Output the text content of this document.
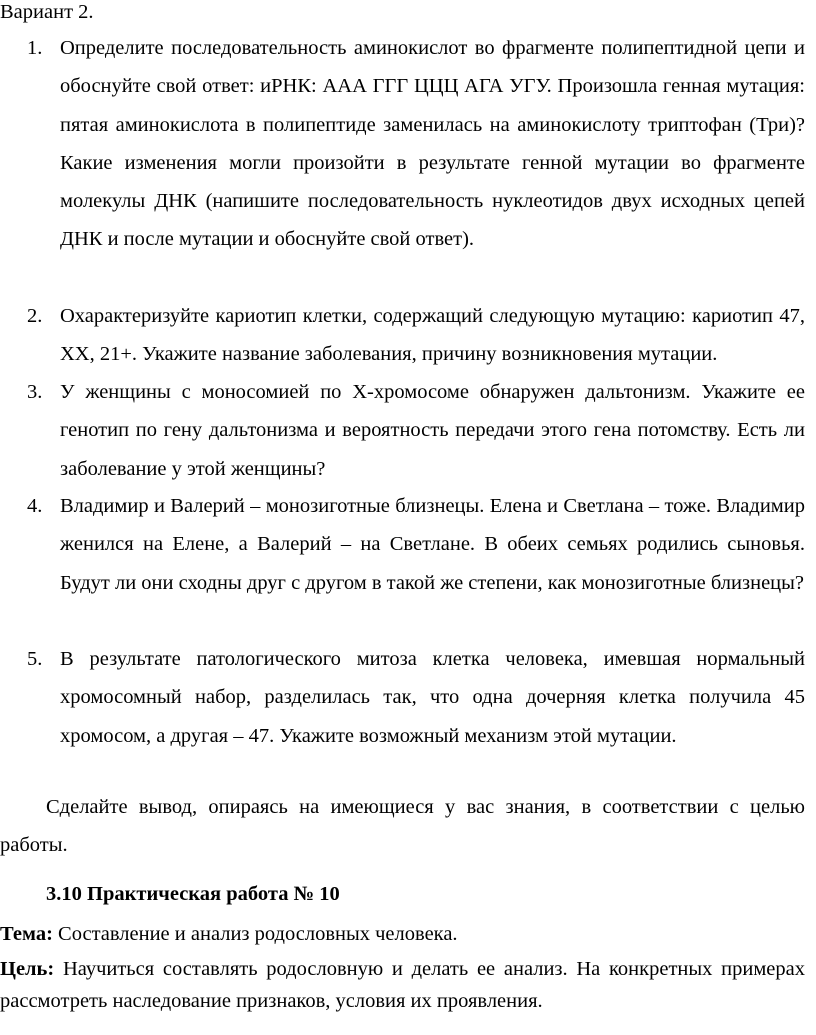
Вариант 2.
1. Определите последовательность аминокислот во фрагменте полипептидной цепи и обоснуйте свой ответ: иРНК: ААА ГГГ ЦЦЦ АГА УГУ. Произошла генная мутация: пятая аминокислота в полипептиде заменилась на аминокислоту триптофан (Три)? Какие изменения могли произойти в результате генной мутации во фрагменте молекулы ДНК (напишите последовательность нуклеотидов двух исходных цепей ДНК и после мутации и обоснуйте свой ответ).
2. Охарактеризуйте кариотип клетки, содержащий следующую мутацию: кариотип 47, XX, 21+. Укажите название заболевания, причину возникновения мутации.
3. У женщины с моносомией по Х-хромосоме обнаружен дальтонизм. Укажите ее генотип по гену дальтонизма и вероятность передачи этого гена потомству. Есть ли заболевание у этой женщины?
4. Владимир и Валерий – монозиготные близнецы. Елена и Светлана – тоже. Владимир женился на Елене, а Валерий – на Светлане. В обеих семьях родились сыновья. Будут ли они сходны друг с другом в такой же степени, как монозиготные близнецы?
5. В результате патологического митоза клетка человека, имевшая нормальный хромосомный набор, разделилась так, что одна дочерняя клетка получила 45 хромосом, а другая – 47. Укажите возможный механизм этой мутации.
Сделайте вывод, опираясь на имеющиеся у вас знания, в соответствии с целью работы.
3.10 Практическая работа № 10
Тема: Составление и анализ родословных человека.
Цель: Научиться составлять родословную и делать ее анализ. На конкретных примерах рассмотреть наследование признаков, условия их проявления.
